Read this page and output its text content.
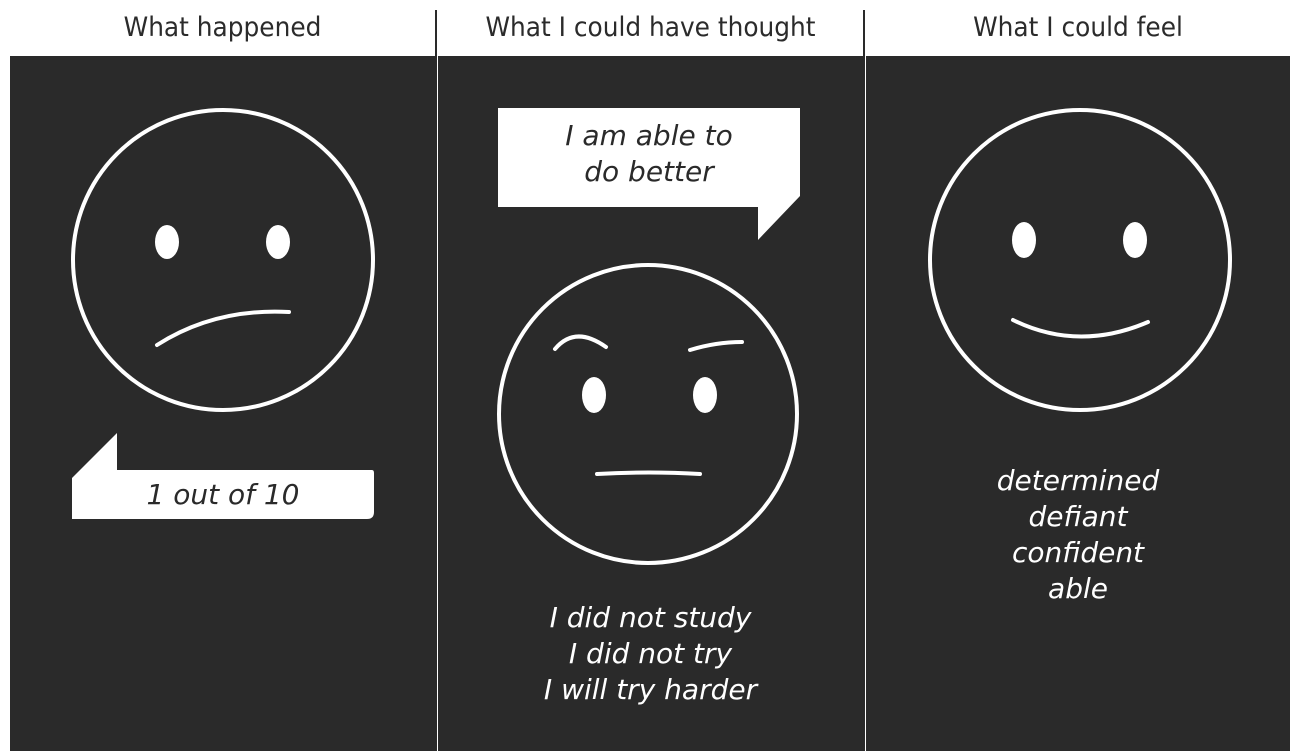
What happened	What I could have thought	What I could feel
1 out of 10
I am able to
do better
I did not study
I did not try
I will try harder
determined
defiant
confident
able
